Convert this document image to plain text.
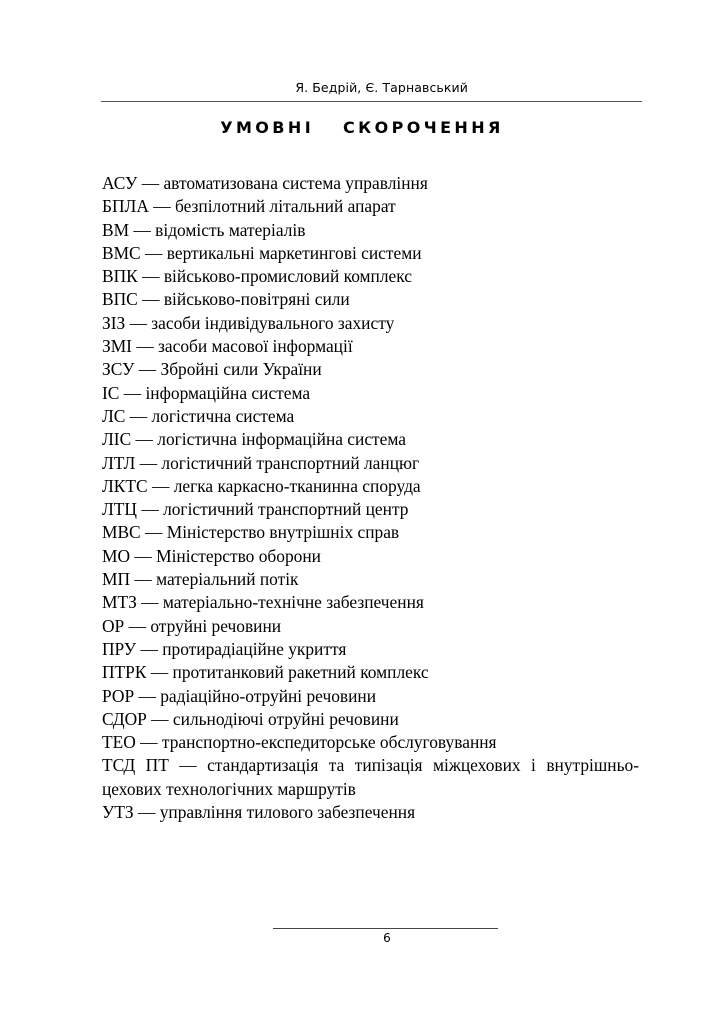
Я. Бедрій, Є. Тарнавський
УМОВНІ СКОРОЧЕННЯ
АСУ — автоматизована система управління
БПЛА — безпілотний літальний апарат
ВМ — відомість матеріалів
ВМС — вертикальні маркетингові системи
ВПК — військово-промисловий комплекс
ВПС — військово-повітряні сили
ЗІЗ — засоби індивідувального захисту
ЗМІ — засоби масової інформації
ЗСУ — Збройні сили України
ІС — інформаційна система
ЛС — логістична система
ЛІС — логістична інформаційна система
ЛТЛ — логістичний транспортний ланцюг
ЛКТС — легка каркасно-тканинна споруда
ЛТЦ — логістичний транспортний центр
МВС — Міністерство внутрішніх справ
МО — Міністерство оборони
МП — матеріальний потік
МТЗ — матеріально-технічне забезпечення
ОР — отруйні речовини
ПРУ — протирадіаційне укриття
ПТРК — протитанковий ракетний комплекс
РОР — радіаційно-отруйні речовини
СДОР — сильнодіючі отруйні речовини
ТЕО — транспортно-експедиторське обслуговування
ТСД ПТ — стандартизація та типізація міжцехових і внутрішньо-цехових технологічних маршрутів
УТЗ — управління тилового забезпечення
6
